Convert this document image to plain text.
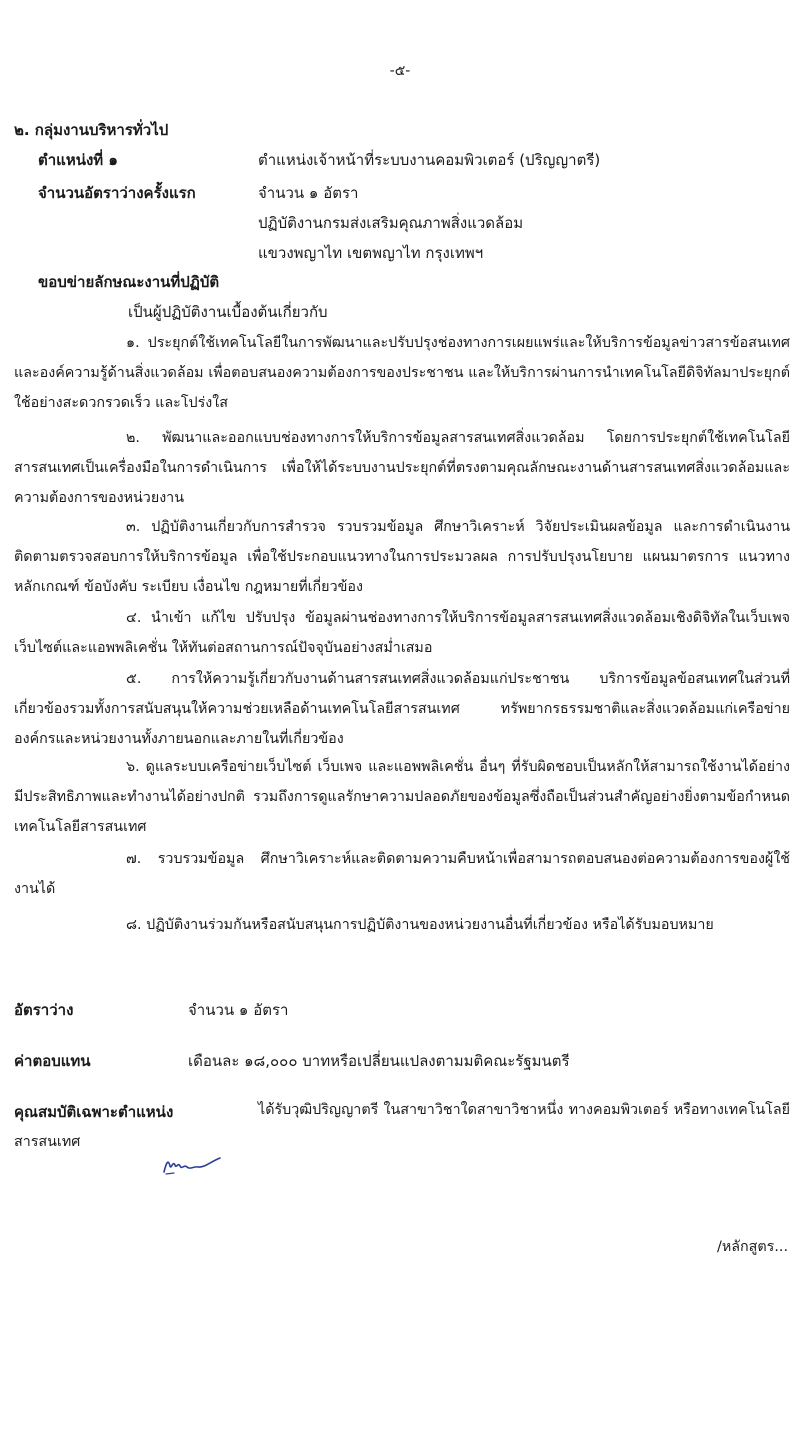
-๕-
๒. กลุ่มงานบริหารทั่วไป
ตำแหน่งที่ ๑	ตำแหน่งเจ้าหน้าที่ระบบงานคอมพิวเตอร์ (ปริญญาตรี)
จำนวนอัตราว่างครั้งแรก	จำนวน ๑ อัตรา
ปฏิบัติงานกรมส่งเสริมคุณภาพสิ่งแวดล้อม
แขวงพญาไท เขตพญาไท กรุงเทพฯ
ขอบข่ายลักษณะงานที่ปฏิบัติ
เป็นผู้ปฏิบัติงานเบื้องต้นเกี่ยวกับ
๑. ประยุกต์ใช้เทคโนโลยีในการพัฒนาและปรับปรุงช่องทางการเผยแพร่และให้บริการข้อมูลข่าวสารข้อสนเทศ และองค์ความรู้ด้านสิ่งแวดล้อม เพื่อตอบสนองความต้องการของประชาชน และให้บริการผ่านการนำเทคโนโลยีดิจิทัลมาประยุกต์ใช้อย่างสะดวกรวดเร็ว และโปร่งใส
๒. พัฒนาและออกแบบช่องทางการให้บริการข้อมูลสารสนเทศสิ่งแวดล้อม โดยการประยุกต์ใช้เทคโนโลยีสารสนเทศเป็นเครื่องมือในการดำเนินการ เพื่อให้ได้ระบบงานประยุกต์ที่ตรงตามคุณลักษณะงานด้านสารสนเทศสิ่งแวดล้อมและความต้องการของหน่วยงาน
๓. ปฏิบัติงานเกี่ยวกับการสำรวจ รวบรวมข้อมูล ศึกษาวิเคราะห์ วิจัยประเมินผลข้อมูล และการดำเนินงานติดตามตรวจสอบการให้บริการข้อมูล เพื่อใช้ประกอบแนวทางในการประมวลผล การปรับปรุงนโยบาย แผนมาตรการ แนวทาง หลักเกณฑ์ ข้อบังคับ ระเบียบ เงื่อนไข กฎหมายที่เกี่ยวข้อง
๔. นำเข้า แก้ไข ปรับปรุง ข้อมูลผ่านช่องทางการให้บริการข้อมูลสารสนเทศสิ่งแวดล้อมเชิงดิจิทัลในเว็บเพจ เว็บไซต์และแอพพลิเคชั่น ให้ทันต่อสถานการณ์ปัจจุบันอย่างสม่ำเสมอ
๕. การให้ความรู้เกี่ยวกับงานด้านสารสนเทศสิ่งแวดล้อมแก่ประชาชน บริการข้อมูลข้อสนเทศในส่วนที่เกี่ยวข้องรวมทั้งการสนับสนุนให้ความช่วยเหลือด้านเทคโนโลยีสารสนเทศ ทรัพยากรธรรมชาติและสิ่งแวดล้อมแก่เครือข่าย องค์กรและหน่วยงานทั้งภายนอกและภายในที่เกี่ยวข้อง
๖. ดูแลระบบเครือข่ายเว็บไซต์ เว็บเพจ และแอพพลิเคชั่น อื่นๆ ที่รับผิดชอบเป็นหลักให้สามารถใช้งานได้อย่างมีประสิทธิภาพและทำงานได้อย่างปกติ รวมถึงการดูแลรักษาความปลอดภัยของข้อมูลซึ่งถือเป็นส่วนสำคัญอย่างยิ่งตามข้อกำหนดเทคโนโลยีสารสนเทศ
๗. รวบรวมข้อมูล ศึกษาวิเคราะห์และติดตามความคืบหน้าเพื่อสามารถตอบสนองต่อความต้องการของผู้ใช้งานได้
๘. ปฏิบัติงานร่วมกันหรือสนับสนุนการปฏิบัติงานของหน่วยงานอื่นที่เกี่ยวข้อง หรือได้รับมอบหมาย
อัตราว่าง	จำนวน ๑ อัตรา
ค่าตอบแทน	เดือนละ ๑๘,๐๐๐ บาทหรือเปลี่ยนแปลงตามมติคณะรัฐมนตรี
คุณสมบัติเฉพาะตำแหน่ง	ได้รับวุฒิปริญญาตรี ในสาขาวิชาใดสาขาวิชาหนึ่ง ทางคอมพิวเตอร์ หรือทางเทคโนโลยีสารสนเทศ
/หลักสูตร...
